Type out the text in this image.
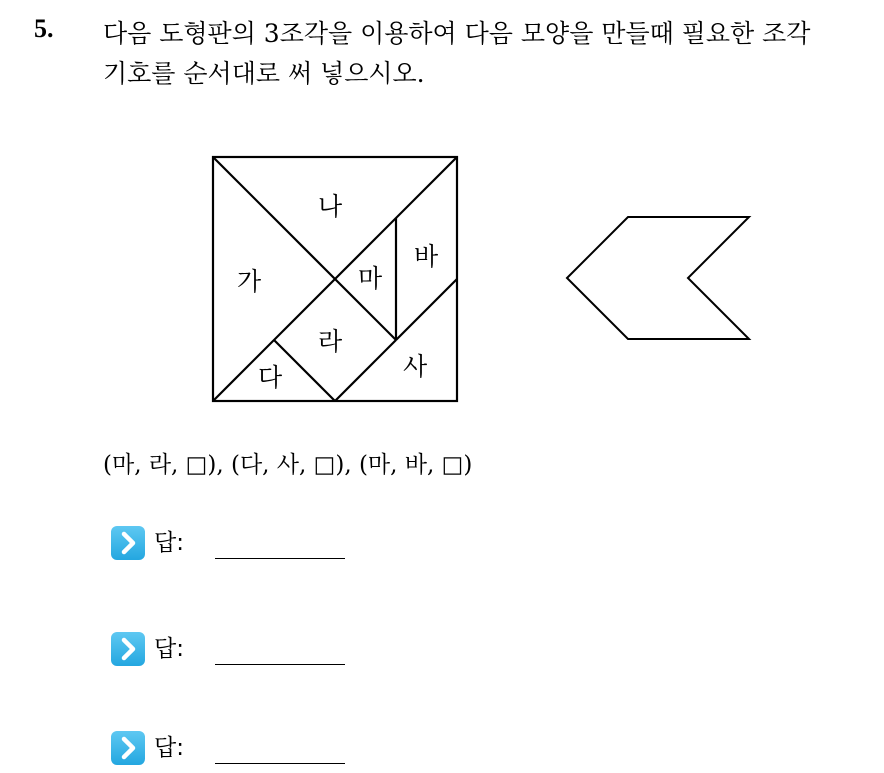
5. 다음 도형판의 3조각을 이용하여 다음 모양을 만들때 필요한 조각
기호를 순서대로 써 넣으시오.
가
나
마
바
라
다	사
(마, 라, □), (다, 사, □), (마, 바, □)
답:
답:
답:
